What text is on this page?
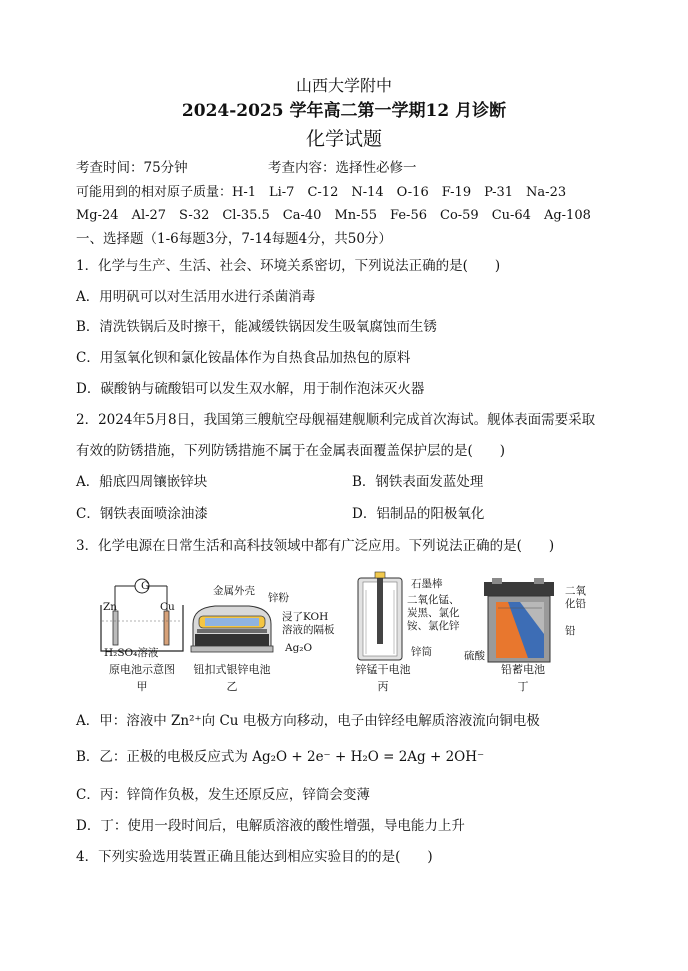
山西大学附中
2024-2025 学年高二第一学期12 月诊断
化学试题
考查时间：75分钟	考查内容：选择性必修一
可能用到的相对原子质量：H-1　Li-7　C-12　N-14　O-16　F-19　P-31　Na-23
Mg-24　Al-27　S-32　Cl-35.5　Ca-40　Mn-55　Fe-56　Co-59　Cu-64　Ag-108
一、选择题（1-6每题3分，7-14每题4分，共50分）
1．化学与生产、生活、社会、环境关系密切，下列说法正确的是(　　)
A．用明矾可以对生活用水进行杀菌消毒
B．清洗铁锅后及时擦干，能减缓铁锅因发生吸氧腐蚀而生锈
C．用氢氧化钡和氯化铵晶体作为自热食品加热包的原料
D．碳酸钠与硫酸铝可以发生双水解，用于制作泡沫灭火器
2．2024年5月8日，我国第三艘航空母舰福建舰顺利完成首次海试。舰体表面需要采取
有效的防锈措施，下列防锈措施不属于在金属表面覆盖保护层的是(　　)
A．船底四周镶嵌锌块	B．钢铁表面发蓝处理
C．钢铁表面喷涂油漆	D．铝制品的阳极氧化
3．化学电源在日常生活和高科技领域中都有广泛应用。下列说法正确的是(　　)
G
Zn	Cu
H₂SO₄溶液
原电池示意图
甲
金属外壳
锌粉
浸了KOH
溶液的隔板
Ag₂O
钮扣式银锌电池
乙
石墨棒
二氧化锰、
炭黑、氯化
铵、氯化锌
锌筒
锌锰干电池
丙
二氧
化铅
铅
硫酸
铅蓄电池
丁
A．甲：溶液中 Zn²⁺向 Cu 电极方向移动，电子由锌经电解质溶液流向铜电极
B．乙：正极的电极反应式为 Ag₂O + 2e⁻ + H₂O = 2Ag + 2OH⁻
C．丙：锌筒作负极，发生还原反应，锌筒会变薄
D．丁：使用一段时间后，电解质溶液的酸性增强，导电能力上升
4．下列实验选用装置正确且能达到相应实验目的的是(　　)
